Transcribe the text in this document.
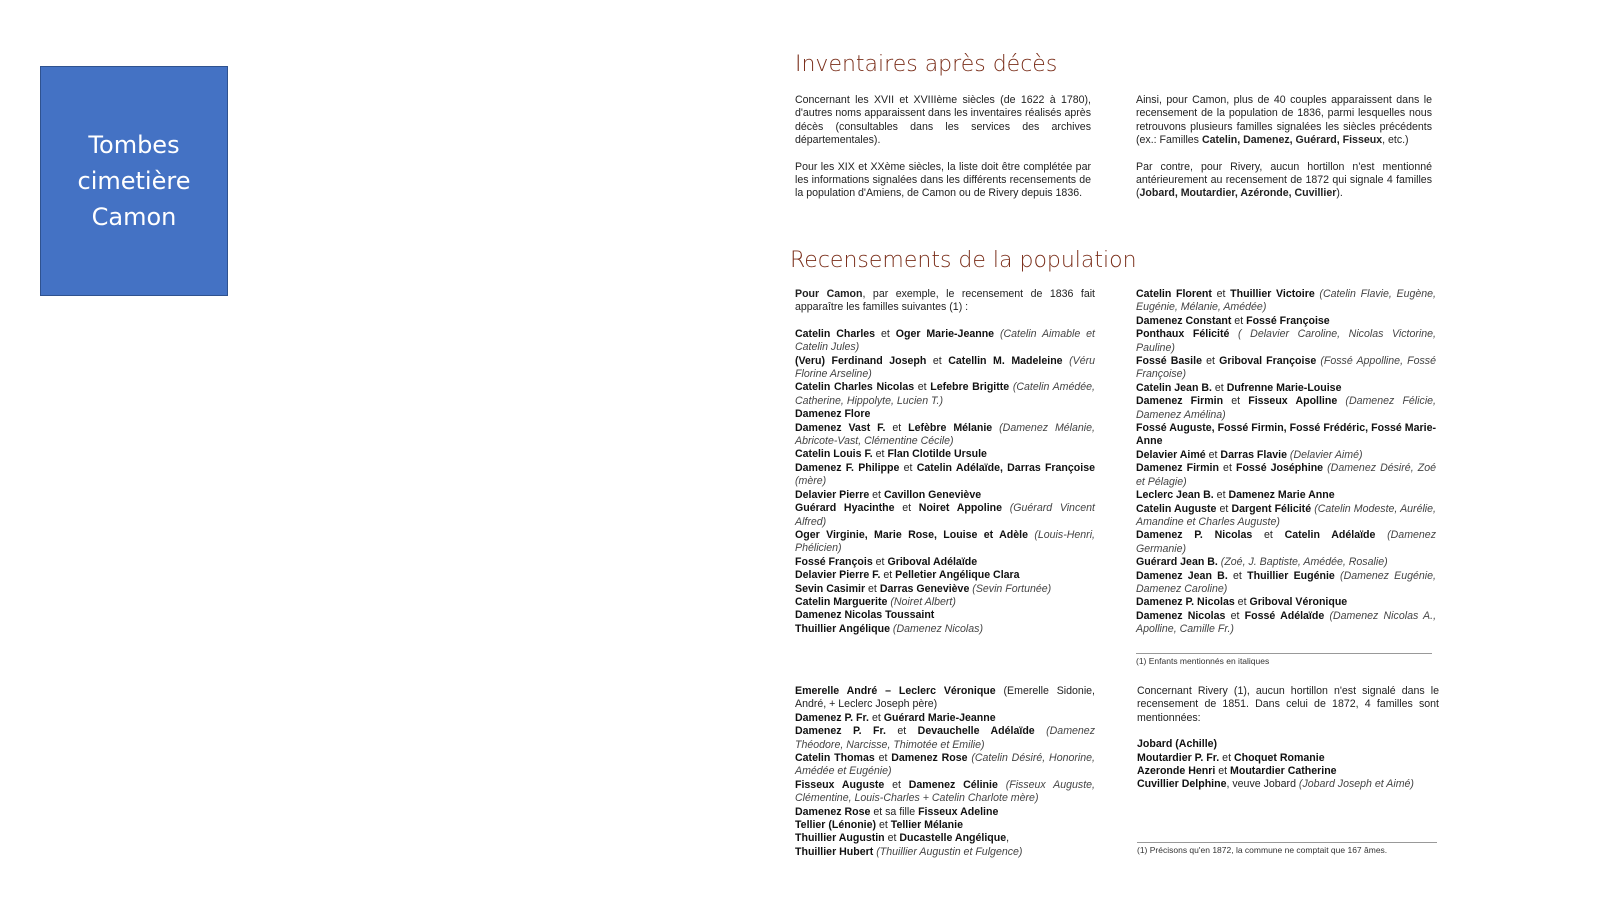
Tombes
cimetière
Camon
Inventaires après décès

Concernant les XVII et XVIIIème siècles (de 1622 à 1780), d'autres noms apparaissent dans les inventaires réalisés après décès (consultables dans les services des archives départementales).

Pour les XIX et XXème siècles, la liste doit être complétée par les informations signalées dans les différents recensements de la population d'Amiens, de Camon ou de Rivery depuis 1836.

Ainsi, pour Camon, plus de 40 couples apparaissent dans le recensement de la population de 1836, parmi lesquelles nous retrouvons plusieurs familles signalées les siècles précédents (ex.: Familles Catelin, Damenez, Guérard, Fisseux, etc.)

Par contre, pour Rivery, aucun hortillon n'est mentionné antérieurement au recensement de 1872 qui signale 4 familles (Jobard, Moutardier, Azéronde, Cuvillier).

Recensements de la population
Pour Camon, par exemple, le recensement de 1836 fait apparaître les familles suivantes (1) :
Catelin Charles et Oger Marie-Jeanne (Catelin Aimable et Catelin Jules)
(Veru) Ferdinand Joseph et Catellin M. Madeleine (Véru Florine Arseline)
Catelin Charles Nicolas et Lefebre Brigitte (Catelin Amédée, Catherine, Hippolyte, Lucien T.)
Damenez Flore
Damenez Vast F. et Lefèbre Mélanie (Damenez Mélanie, Abricote-Vast, Clémentine Cécile)
Catelin Louis F. et Flan Clotilde Ursule
Damenez F. Philippe et Catelin Adélaïde, Darras Françoise (mère)
Delavier Pierre et Cavillon Geneviève
Guérard Hyacinthe et Noiret Appoline (Guérard Vincent Alfred)
Oger Virginie, Marie Rose, Louise et Adèle (Louis-Henri, Phélicien)
Fossé François et Griboval Adélaïde
Delavier Pierre F. et Pelletier Angélique Clara
Sevin Casimir et Darras Geneviève (Sevin Fortunée)
Catelin Marguerite (Noiret Albert)
Damenez Nicolas Toussaint
Thuillier Angélique (Damenez Nicolas)
Catelin Florent et Thuillier Victoire (Catelin Flavie, Eugène, Eugénie, Mélanie, Amédée)
Damenez Constant et Fossé Françoise
Ponthaux Félicité ( Delavier Caroline, Nicolas Victorine, Pauline)
Fossé Basile et Griboval Françoise (Fossé Appolline, Fossé Françoise)
Catelin Jean B. et Dufrenne Marie-Louise
Damenez Firmin et Fisseux Apolline (Damenez Félicie, Damenez Amélina)
Fossé Auguste, Fossé Firmin, Fossé Frédéric, Fossé Marie-Anne
Delavier Aimé et Darras Flavie (Delavier Aimé)
Damenez Firmin et Fossé Joséphine (Damenez Désiré, Zoé et Pélagie)
Leclerc Jean B. et Damenez Marie Anne
Catelin Auguste et Dargent Félicité (Catelin Modeste, Aurélie, Amandine et Charles Auguste)
Damenez P. Nicolas et Catelin Adélaïde (Damenez Germanie)
Guérard Jean B. (Zoé, J. Baptiste, Amédée, Rosalie)
Damenez Jean B. et Thuillier Eugénie (Damenez Eugénie, Damenez Caroline)
Damenez P. Nicolas et Griboval Véronique
Damenez Nicolas et Fossé Adélaïde (Damenez Nicolas A., Apolline, Camille Fr.)
(1) Enfants mentionnés en italiques
Emerelle André – Leclerc Véronique (Emerelle Sidonie, André, + Leclerc Joseph père)
Damenez P. Fr. et Guérard Marie-Jeanne
Damenez P. Fr. et Devauchelle Adélaïde (Damenez Théodore, Narcisse, Thimotée et Emilie)
Catelin Thomas et Damenez Rose (Catelin Désiré, Honorine, Amédée et Eugénie)
Fisseux Auguste et Damenez Célinie (Fisseux Auguste, Clémentine, Louis-Charles + Catelin Charlote mère)
Damenez Rose et sa fille Fisseux Adeline
Tellier (Lénonie) et Tellier Mélanie
Thuillier Augustin et Ducastelle Angélique,
Thuillier Hubert (Thuillier Augustin et Fulgence)

Concernant Rivery (1), aucun hortillon n'est signalé dans le recensement de 1851. Dans celui de 1872, 4 familles sont mentionnées:

Jobard (Achille)
Moutardier P. Fr. et Choquet Romanie
Azeronde Henri et Moutardier Catherine
Cuvillier Delphine, veuve Jobard (Jobard Joseph et Aimé)
(1) Précisons qu'en 1872, la commune ne comptait que 167 âmes.
